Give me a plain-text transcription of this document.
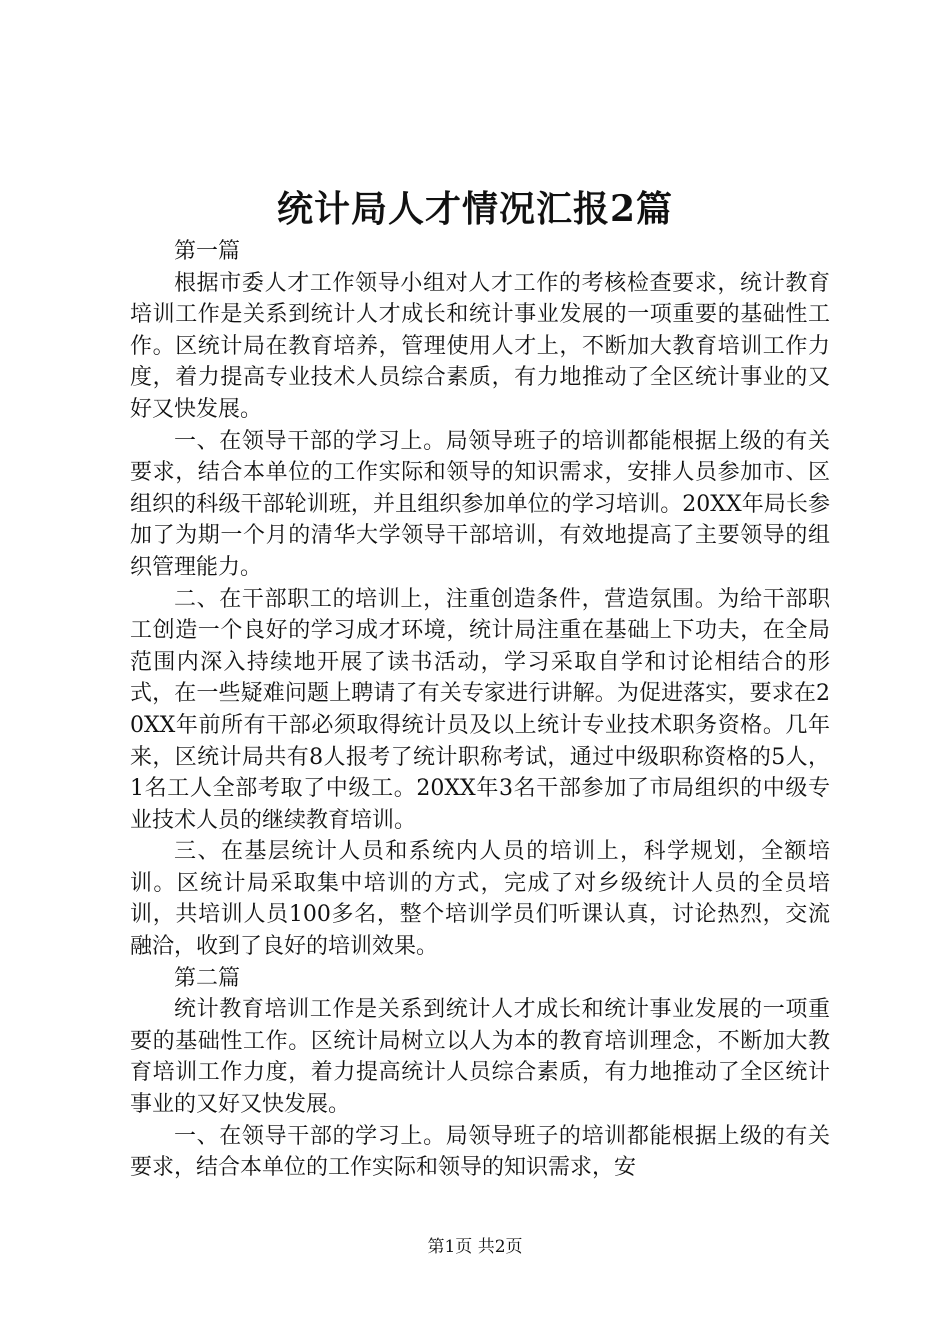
统计局人才情况汇报2篇

第一篇

根据市委人才工作领导小组对人才工作的考核检查要求，统计教育培训工作是关系到统计人才成长和统计事业发展的一项重要的基础性工作。区统计局在教育培养，管理使用人才上，不断加大教育培训工作力度，着力提高专业技术人员综合素质，有力地推动了全区统计事业的又好又快发展。

一、在领导干部的学习上。局领导班子的培训都能根据上级的有关要求，结合本单位的工作实际和领导的知识需求，安排人员参加市、区组织的科级干部轮训班，并且组织参加单位的学习培训。20XX年局长参加了为期一个月的清华大学领导干部培训，有效地提高了主要领导的组织管理能力。

二、在干部职工的培训上，注重创造条件，营造氛围。为给干部职工创造一个良好的学习成才环境，统计局注重在基础上下功夫，在全局范围内深入持续地开展了读书活动，学习采取自学和讨论相结合的形式，在一些疑难问题上聘请了有关专家进行讲解。为促进落实，要求在20XX年前所有干部必须取得统计员及以上统计专业技术职务资格。几年来，区统计局共有8人报考了统计职称考试，通过中级职称资格的5人，1名工人全部考取了中级工。20XX年3名干部参加了市局组织的中级专业技术人员的继续教育培训。

三、在基层统计人员和系统内人员的培训上，科学规划，全额培训。区统计局采取集中培训的方式，完成了对乡级统计人员的全员培训，共培训人员100多名，整个培训学员们听课认真，讨论热烈，交流融洽，收到了良好的培训效果。

第二篇

统计教育培训工作是关系到统计人才成长和统计事业发展的一项重要的基础性工作。区统计局树立以人为本的教育培训理念，不断加大教育培训工作力度，着力提高统计人员综合素质，有力地推动了全区统计事业的又好又快发展。

一、在领导干部的学习上。局领导班子的培训都能根据上级的有关要求，结合本单位的工作实际和领导的知识需求，安

第1页 共2页
